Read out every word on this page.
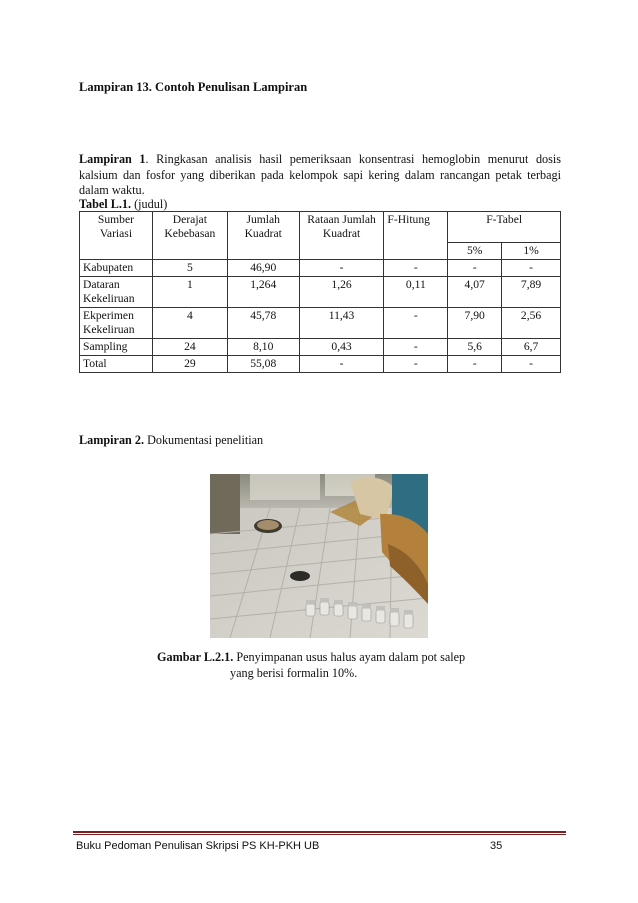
Lampiran 13. Contoh Penulisan Lampiran
Lampiran 1. Ringkasan analisis hasil pemeriksaan konsentrasi hemoglobin menurut dosis kalsium dan fosfor yang diberikan pada kelompok sapi kering dalam rancangan petak terbagi dalam waktu.
Tabel L.1. (judul)
Sumber Variasi	Derajat Kebebasan	Jumlah Kuadrat	Rataan Jumlah Kuadrat	F-Hitung	F-Tabel	
					5%	1%
Kabupaten	5	46,90	-	-	-	-
Dataran Kekeliruan	1	1,264	1,26	0,11	4,07	7,89
Ekperimen Kekeliruan	4	45,78	11,43	-	7,90	2,56
Sampling	24	8,10	0,43	-	5,6	6,7
Total	29	55,08	-	-	-	-
Lampiran 2. Dokumentasi penelitian
Gambar L.2.1. Penyimpanan usus halus ayam dalam pot salep
yang berisi formalin 10%.
Buku Pedoman Penulisan Skripsi PS KH-PKH UB	35
